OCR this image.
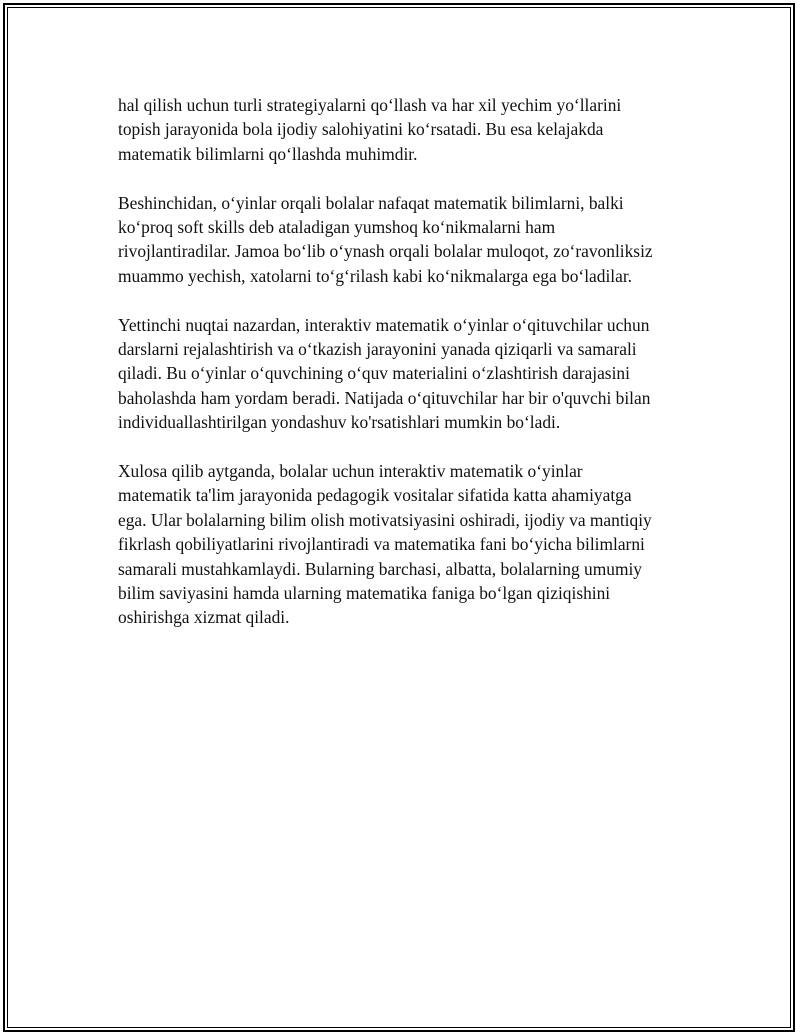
hal qilish uchun turli strategiyalarni qo‘llash va har xil yechim yo‘llarini
topish jarayonida bola ijodiy salohiyatini ko‘rsatadi. Bu esa kelajakda
matematik bilimlarni qo‘llashda muhimdir.

Beshinchidan, o‘yinlar orqali bolalar nafaqat matematik bilimlarni, balki
ko‘proq soft skills deb ataladigan yumshoq ko‘nikmalarni ham
rivojlantiradilar. Jamoa bo‘lib o‘ynash orqali bolalar muloqot, zo‘ravonliksiz
muammo yechish, xatolarni to‘g‘rilash kabi ko‘nikmalarga ega bo‘ladilar.

Yettinchi nuqtai nazardan, interaktiv matematik o‘yinlar o‘qituvchilar uchun
darslarni rejalashtirish va o‘tkazish jarayonini yanada qiziqarli va samarali
qiladi. Bu o‘yinlar o‘quvchining o‘quv materialini o‘zlashtirish darajasini
baholashda ham yordam beradi. Natijada o‘qituvchilar har bir o'quvchi bilan
individuallashtirilgan yondashuv ko'rsatishlari mumkin bo‘ladi.

Xulosa qilib aytganda, bolalar uchun interaktiv matematik o‘yinlar
matematik ta'lim jarayonida pedagogik vositalar sifatida katta ahamiyatga
ega. Ular bolalarning bilim olish motivatsiyasini oshiradi, ijodiy va mantiqiy
fikrlash qobiliyatlarini rivojlantiradi va matematika fani bo‘yicha bilimlarni
samarali mustahkamlaydi. Bularning barchasi, albatta, bolalarning umumiy
bilim saviyasini hamda ularning matematika faniga bo‘lgan qiziqishini
oshirishga xizmat qiladi.
